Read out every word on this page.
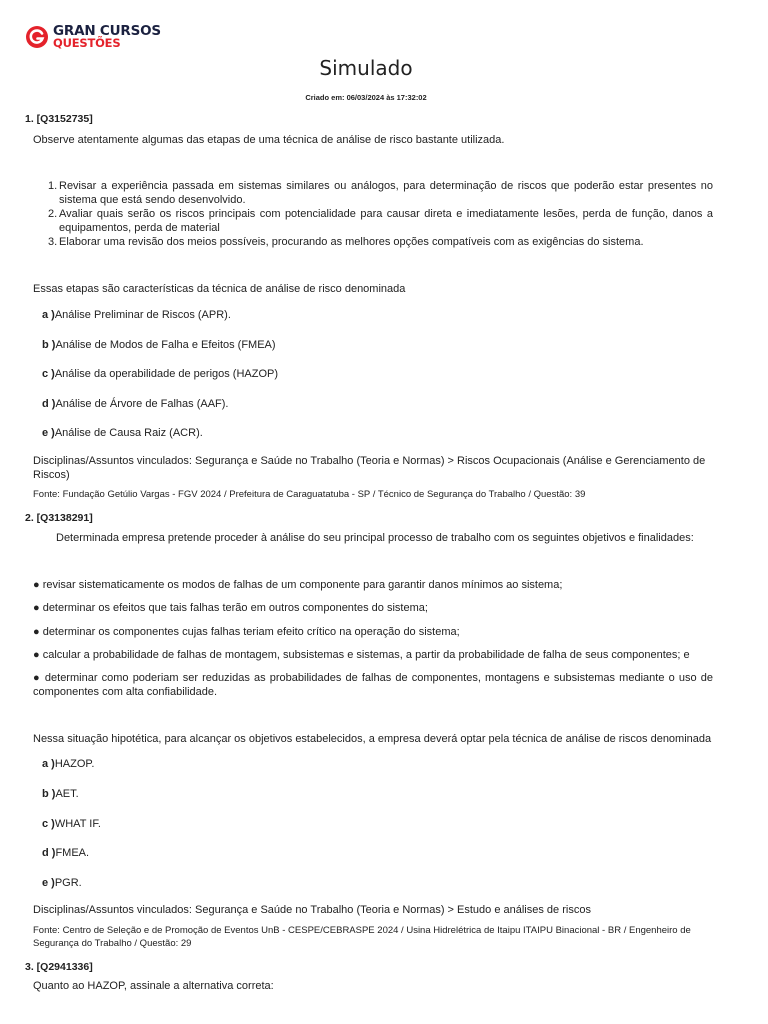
GRAN CURSOS
QUESTÕES
Simulado
Criado em: 06/03/2024 às 17:32:02
1. [Q3152735]
Observe atentamente algumas das etapas de uma técnica de análise de risco bastante utilizada.
1. Revisar a experiência passada em sistemas similares ou análogos, para determinação de riscos que poderão estar presentes no sistema que está sendo desenvolvido.
2. Avaliar quais serão os riscos principais com potencialidade para causar direta e imediatamente lesões, perda de função, danos a equipamentos, perda de material
3. Elaborar uma revisão dos meios possíveis, procurando as melhores opções compatíveis com as exigências do sistema.
Essas etapas são características da técnica de análise de risco denominada
a )Análise Preliminar de Riscos (APR).
b )Análise de Modos de Falha e Efeitos (FMEA)
c )Análise da operabilidade de perigos (HAZOP)
d )Análise de Árvore de Falhas (AAF).
e )Análise de Causa Raiz (ACR).
Disciplinas/Assuntos vinculados: Segurança e Saúde no Trabalho (Teoria e Normas) > Riscos Ocupacionais (Análise e Gerenciamento de Riscos)
Fonte: Fundação Getúlio Vargas - FGV 2024 / Prefeitura de Caraguatatuba - SP / Técnico de Segurança do Trabalho / Questão: 39
2. [Q3138291]
Determinada empresa pretende proceder à análise do seu principal processo de trabalho com os seguintes objetivos e finalidades:
● revisar sistematicamente os modos de falhas de um componente para garantir danos mínimos ao sistema;
● determinar os efeitos que tais falhas terão em outros componentes do sistema;
● determinar os componentes cujas falhas teriam efeito crítico na operação do sistema;
● calcular a probabilidade de falhas de montagem, subsistemas e sistemas, a partir da probabilidade de falha de seus componentes; e
● determinar como poderiam ser reduzidas as probabilidades de falhas de componentes, montagens e subsistemas mediante o uso de componentes com alta confiabilidade.
Nessa situação hipotética, para alcançar os objetivos estabelecidos, a empresa deverá optar pela técnica de análise de riscos denominada
a )HAZOP.
b )AET.
c )WHAT IF.
d )FMEA.
e )PGR.
Disciplinas/Assuntos vinculados: Segurança e Saúde no Trabalho (Teoria e Normas) > Estudo e análises de riscos
Fonte: Centro de Seleção e de Promoção de Eventos UnB - CESPE/CEBRASPE 2024 / Usina Hidrelétrica de Itaipu ITAIPU Binacional - BR / Engenheiro de Segurança do Trabalho / Questão: 29
3. [Q2941336]
Quanto ao HAZOP, assinale a alternativa correta:
